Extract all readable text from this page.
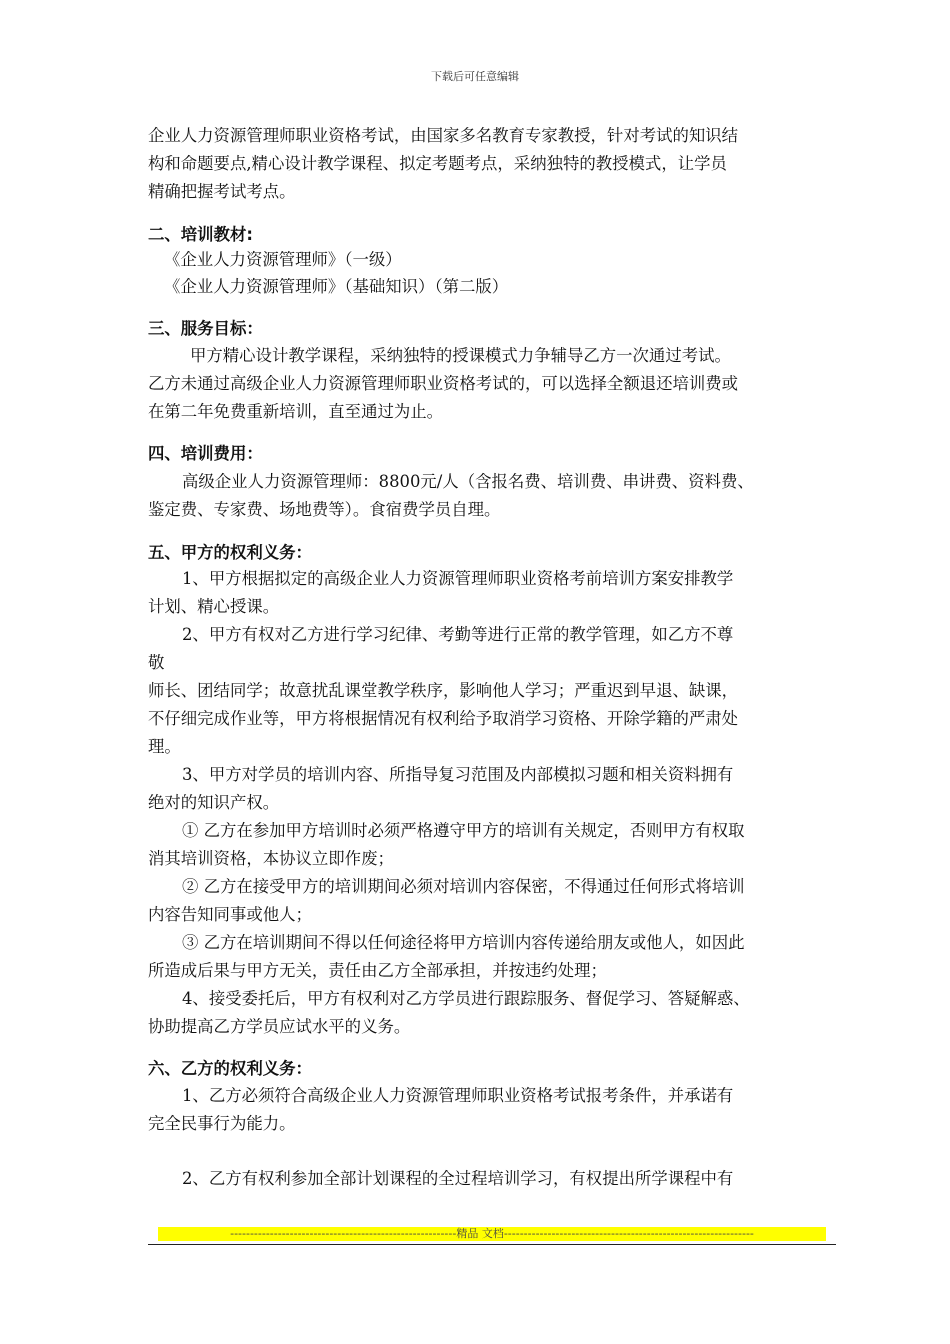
下载后可任意编辑
企业人力资源管理师职业资格考试，由国家多名教育专家教授，针对考试的知识结
构和命题要点,精心设计教学课程、拟定考题考点，采纳独特的教授模式，让学员
精确把握考试考点。
二、培训教材:
《企业人力资源管理师》（一级）
《企业人力资源管理师》（基础知识）（第二版）
三、服务目标：
甲方精心设计教学课程，采纳独特的授课模式力争辅导乙方一次通过考试。
乙方未通过高级企业人力资源管理师职业资格考试的，可以选择全额退还培训费或
在第二年免费重新培训，直至通过为止。
四、培训费用：
高级企业人力资源管理师：8800元/人（含报名费、培训费、串讲费、资料费、
鉴定费、专家费、场地费等）。食宿费学员自理。
五、甲方的权利义务：
1、甲方根据拟定的高级企业人力资源管理师职业资格考前培训方案安排教学
计划、精心授课。
2、甲方有权对乙方进行学习纪律、考勤等进行正常的教学管理，如乙方不尊
敬
师长、团结同学；故意扰乱课堂教学秩序，影响他人学习；严重迟到早退、缺课，
不仔细完成作业等，甲方将根据情况有权利给予取消学习资格、开除学籍的严肃处
理。
3、甲方对学员的培训内容、所指导复习范围及内部模拟习题和相关资料拥有
绝对的知识产权。
① 乙方在参加甲方培训时必须严格遵守甲方的培训有关规定，否则甲方有权取
消其培训资格，本协议立即作废；
② 乙方在接受甲方的培训期间必须对培训内容保密，不得通过任何形式将培训
内容告知同事或他人；
③ 乙方在培训期间不得以任何途径将甲方培训内容传递给朋友或他人，如因此
所造成后果与甲方无关，责任由乙方全部承担，并按违约处理；
4、接受委托后，甲方有权利对乙方学员进行跟踪服务、督促学习、答疑解惑、
协助提高乙方学员应试水平的义务。
六、乙方的权利义务：
1、乙方必须符合高级企业人力资源管理师职业资格考试报考条件，并承诺有
完全民事行为能力。
2、乙方有权利参加全部计划课程的全过程培训学习，有权提出所学课程中有
---------------------------------------------------------精品 文档---------------------------------------------------------------
